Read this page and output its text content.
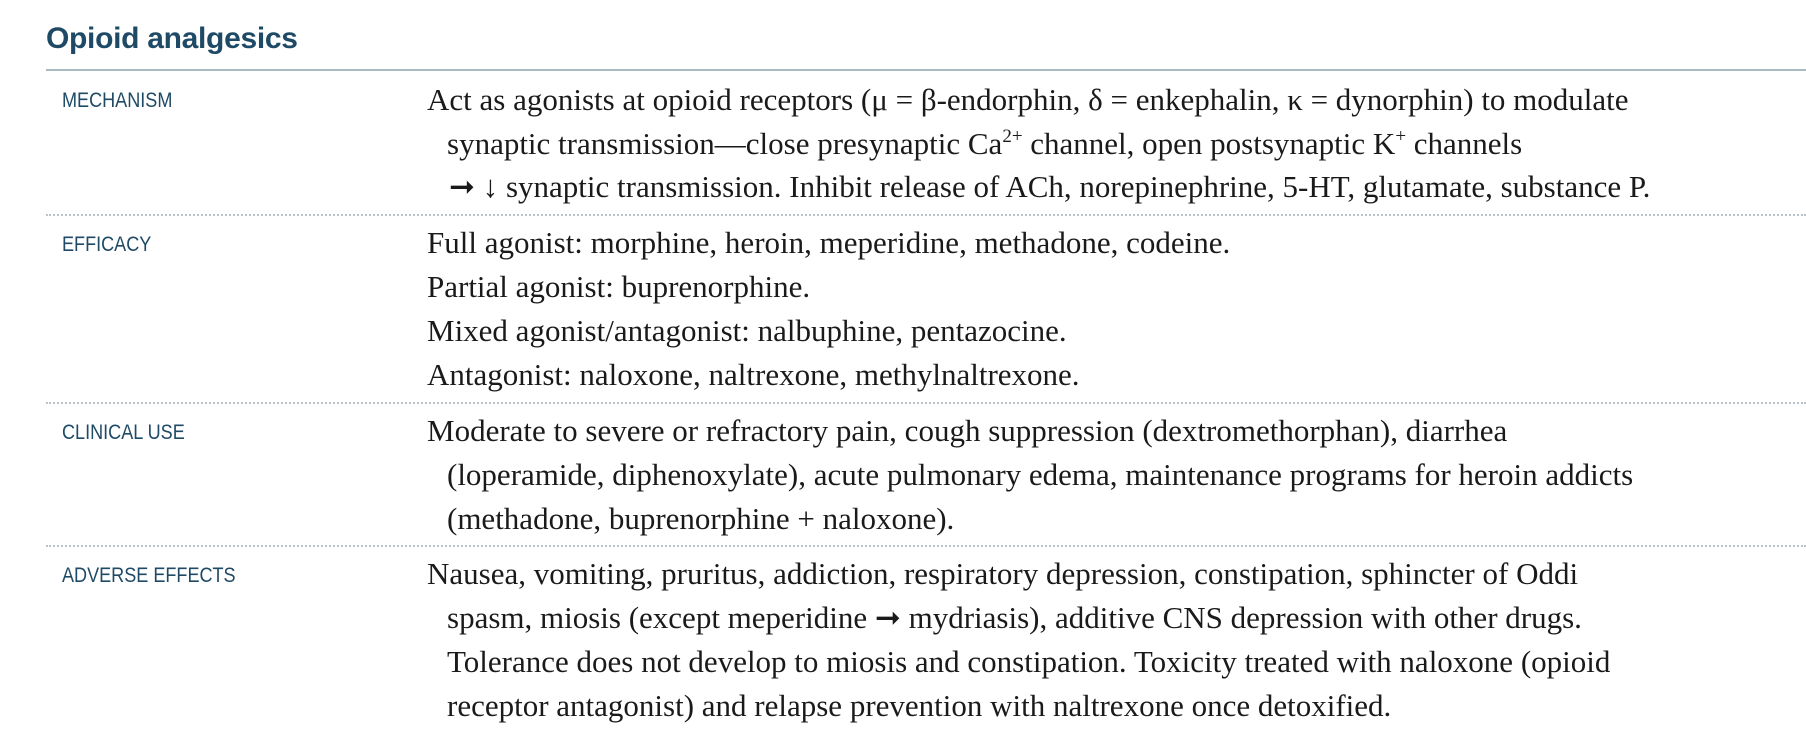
Opioid analgesics
MECHANISM	Act as agonists at opioid receptors (μ = β-endorphin, δ = enkephalin, κ = dynorphin) to modulate
synaptic transmission—close presynaptic $Ca^{2+}$ channel, open postsynaptic K+ channels
➞ ↓ synaptic transmission. Inhibit release of ACh, norepinephrine, 5-HT, glutamate, substance P.
EFFICACY	Full agonist: morphine, heroin, meperidine, methadone, codeine.
Partial agonist: buprenorphine.
Mixed agonist/antagonist: nalbuphine, pentazocine.
Antagonist: naloxone, naltrexone, methylnaltrexone.
CLINICAL USE	Moderate to severe or refractory pain, cough suppression (dextromethorphan), diarrhea
(loperamide, diphenoxylate), acute pulmonary edema, maintenance programs for heroin addicts
(methadone, buprenorphine + naloxone).
ADVERSE EFFECTS	Nausea, vomiting, pruritus, addiction, respiratory depression, constipation, sphincter of Oddi
spasm, miosis (except meperidine ➞ mydriasis), additive CNS depression with other drugs.
Tolerance does not develop to miosis and constipation. Toxicity treated with naloxone (opioid
receptor antagonist) and relapse prevention with naltrexone once detoxified.
